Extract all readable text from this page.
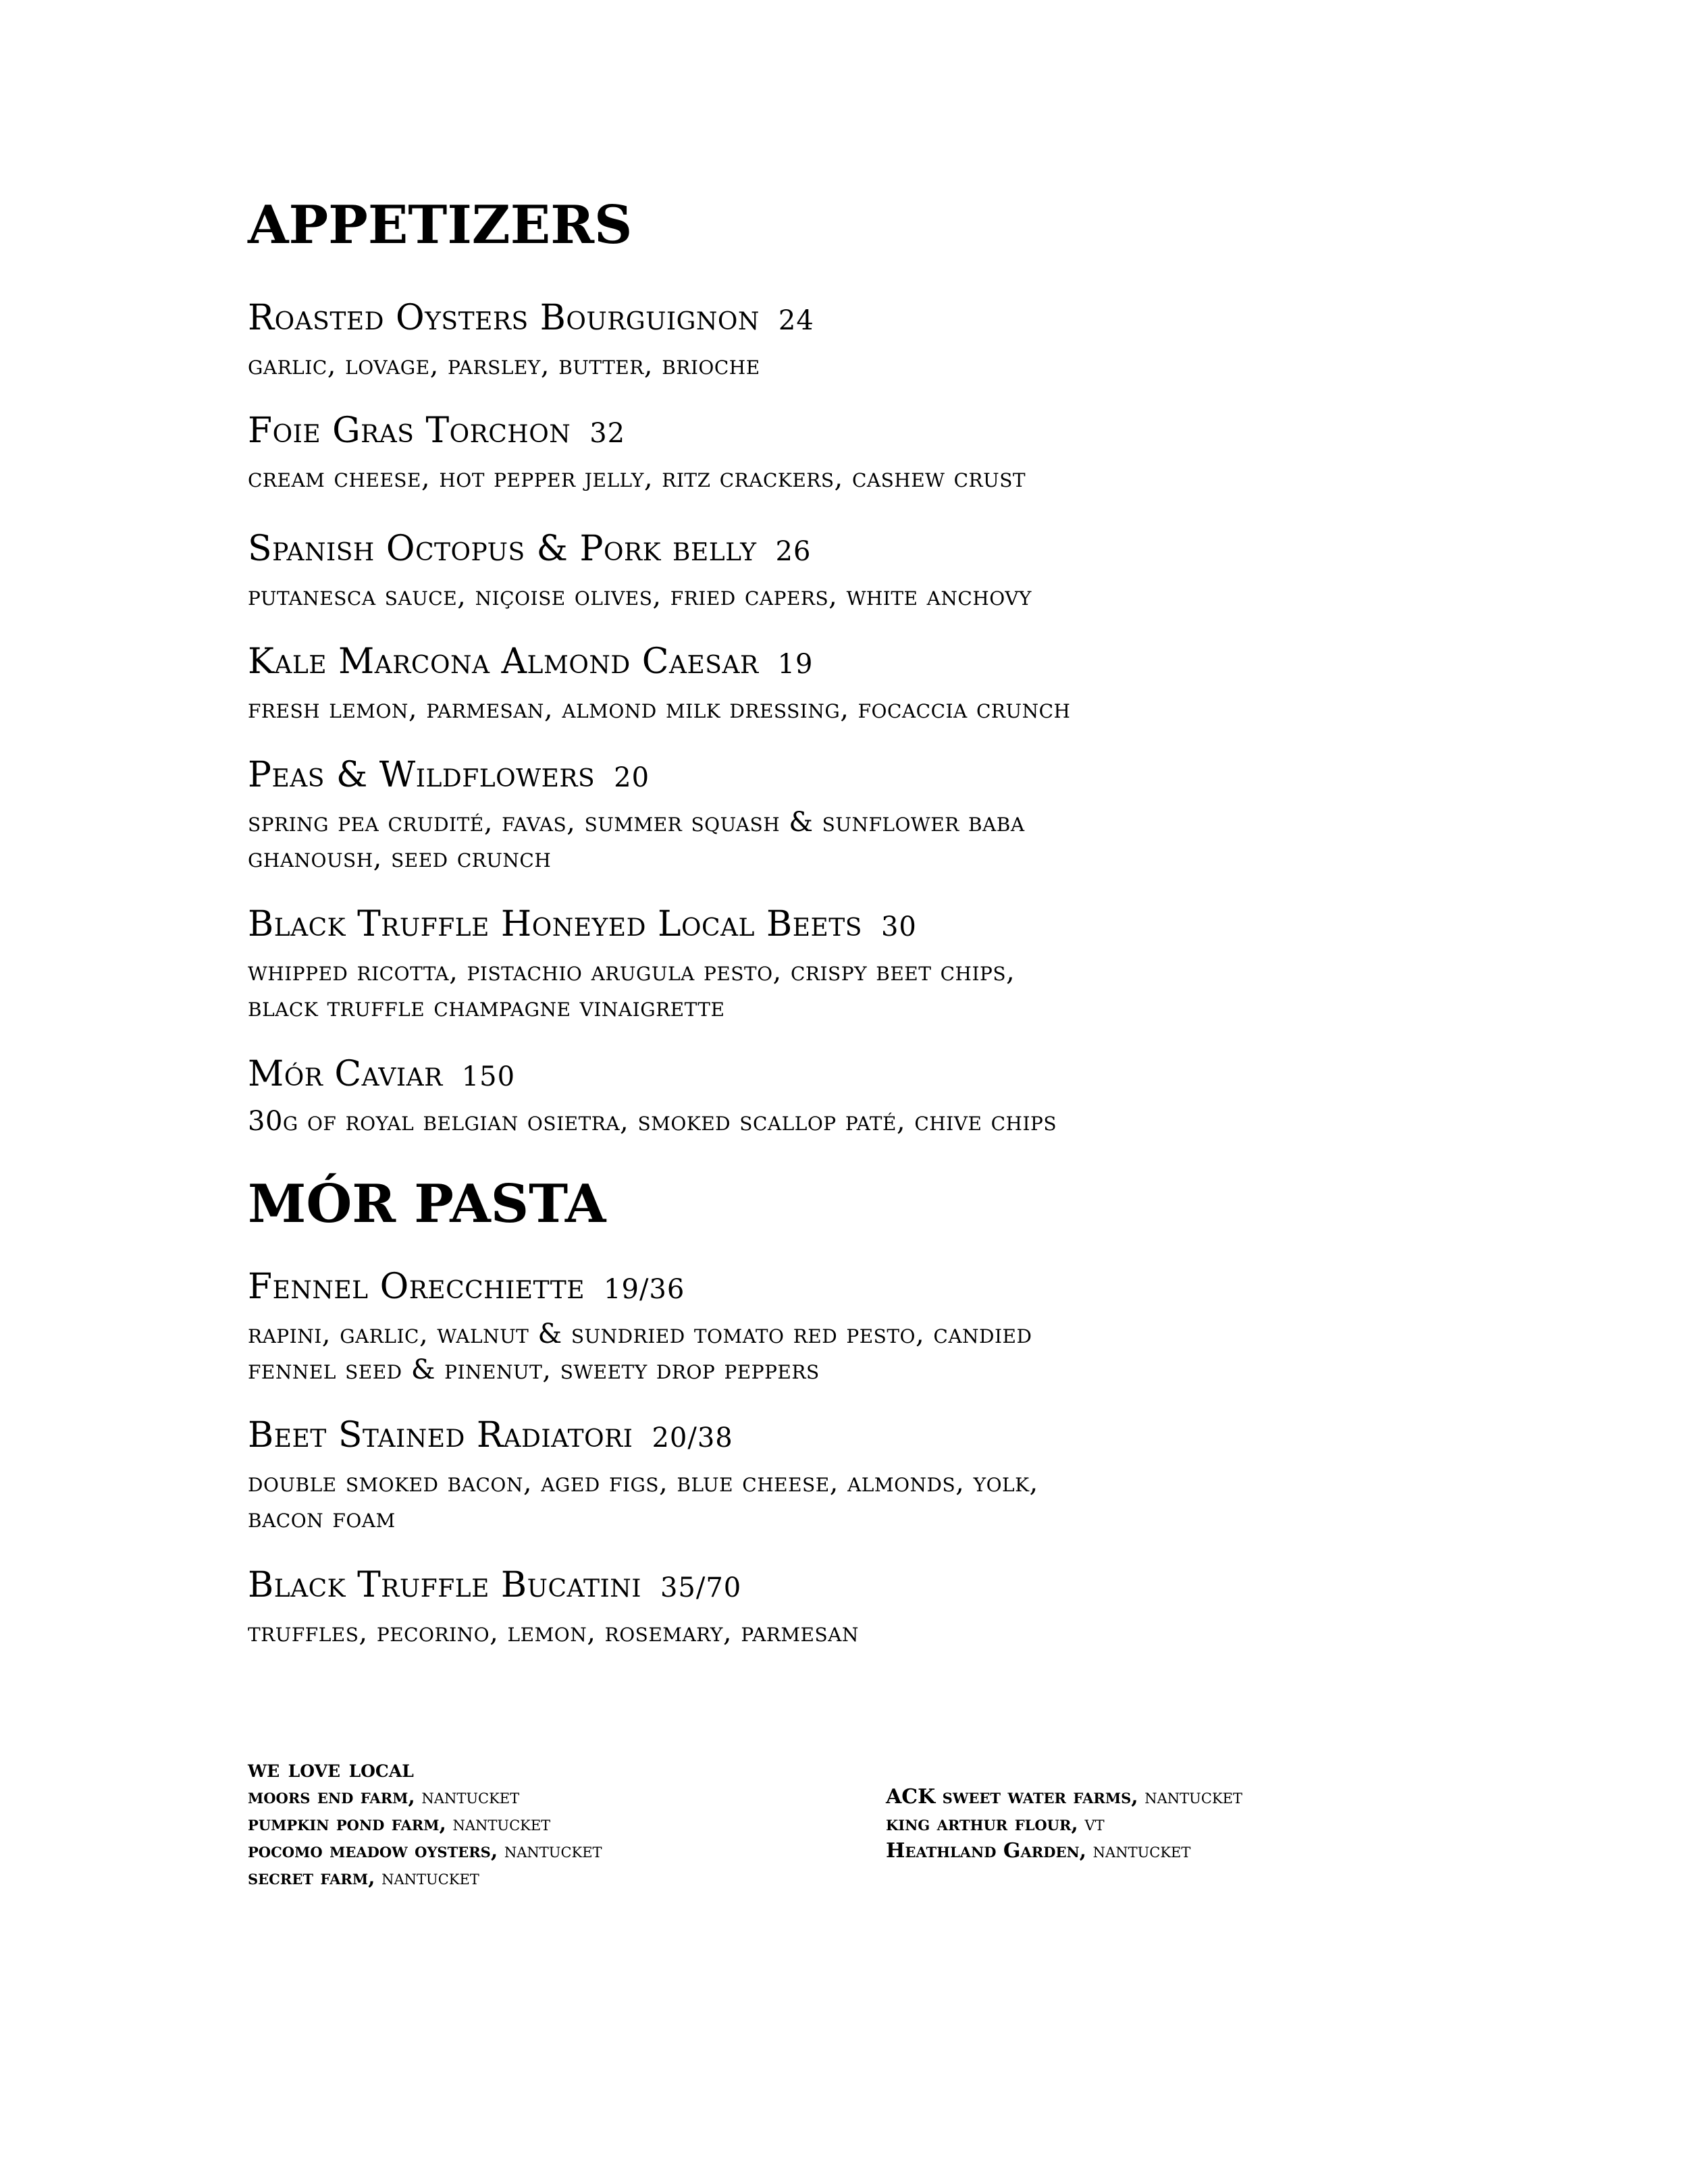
APPETIZERS
Roasted Oysters Bourguignon 24
garlic, lovage, parsley, butter, brioche
Foie Gras Torchon 32
cream cheese, hot pepper jelly, ritz crackers, cashew crust
Spanish Octopus & Pork belly 26
putanesca sauce, niçoise olives, fried capers, white anchovy
Kale Marcona Almond Caesar 19
fresh lemon, parmesan, almond milk dressing, focaccia crunch
Peas & Wildflowers 20
spring pea crudité, favas, summer squash & sunflower baba
ghanoush, seed crunch
Black Truffle Honeyed Local Beets 30
whipped ricotta, pistachio arugula pesto, crispy beet chips,
black truffle champagne vinaigrette
Mór Caviar 150
30g of royal belgian osietra, smoked scallop paté, chive chips
MÓR PASTA
Fennel Orecchiette 19/36
rapini, garlic, walnut & sundried tomato red pesto, candied
fennel seed & pinenut, sweety drop peppers
Beet Stained Radiatori 20/38
double smoked bacon, aged figs, blue cheese, almonds, yolk,
bacon foam
Black Truffle Bucatini 35/70
truffles, pecorino, lemon, rosemary, parmesan
we love local
moors end farm, nantucket
pumpkin pond farm, nantucket
pocomo meadow oysters, nantucket
secret farm, nantucket
ACK sweet water farms, nantucket
king arthur flour, vt
Heathland Garden, nantucket
